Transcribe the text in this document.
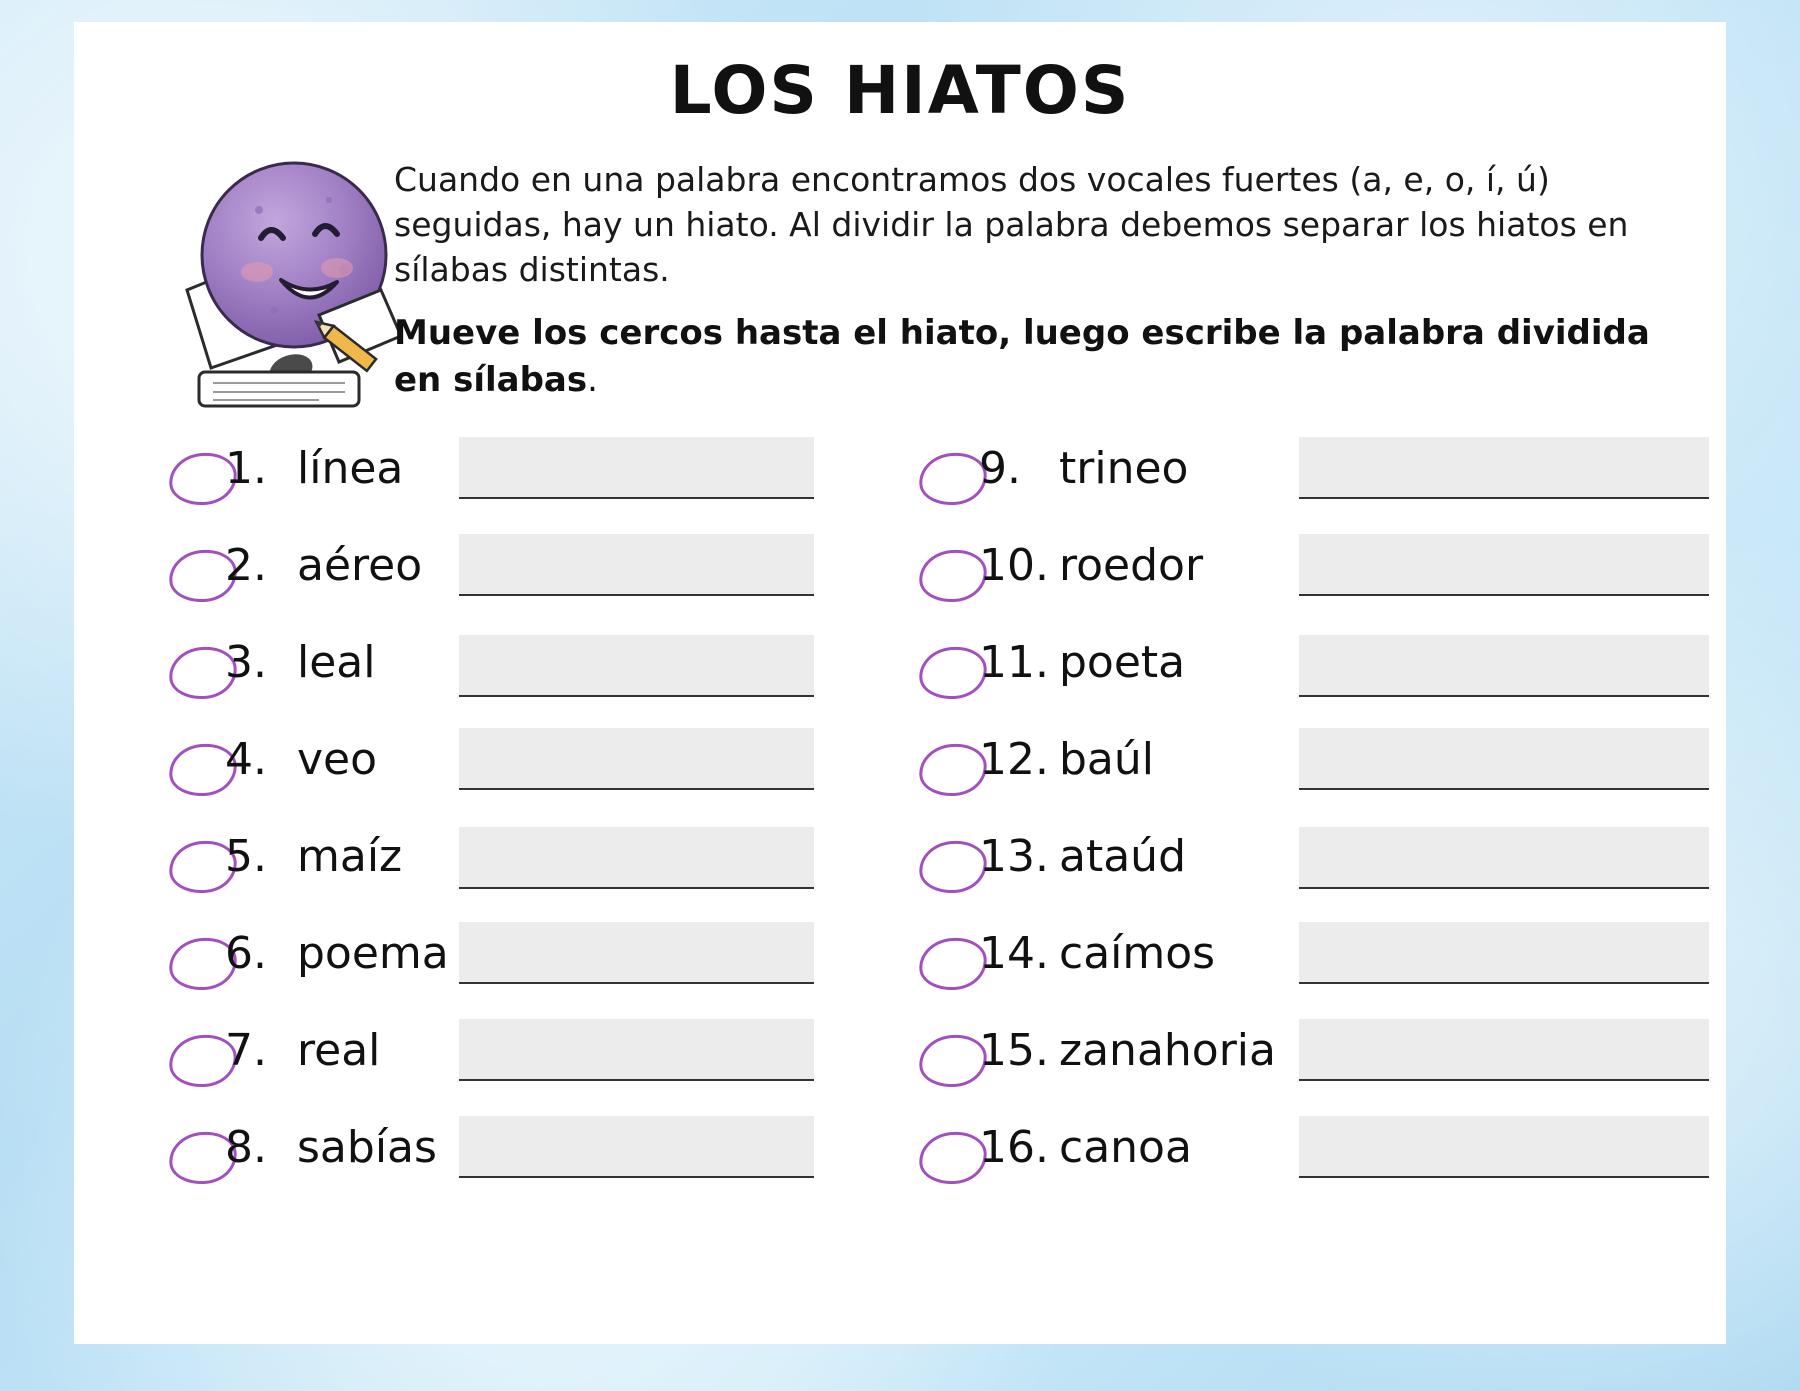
LOS HIATOS
Cuando en una palabra encontramos dos vocales fuertes (a, e, o, í, ú) seguidas, hay un hiato. Al dividir la palabra debemos separar los hiatos en sílabas distintas.
Mueve los cercos hasta el hiato, luego escribe la palabra dividida en sílabas.
1. línea
2. aéreo
3. leal
4. veo
5. maíz
6. poema
7. real
8. sabías
9. trineo
10. roedor
11. poeta
12. baúl
13. ataúd
14. caímos
15. zanahoria
16. canoa
